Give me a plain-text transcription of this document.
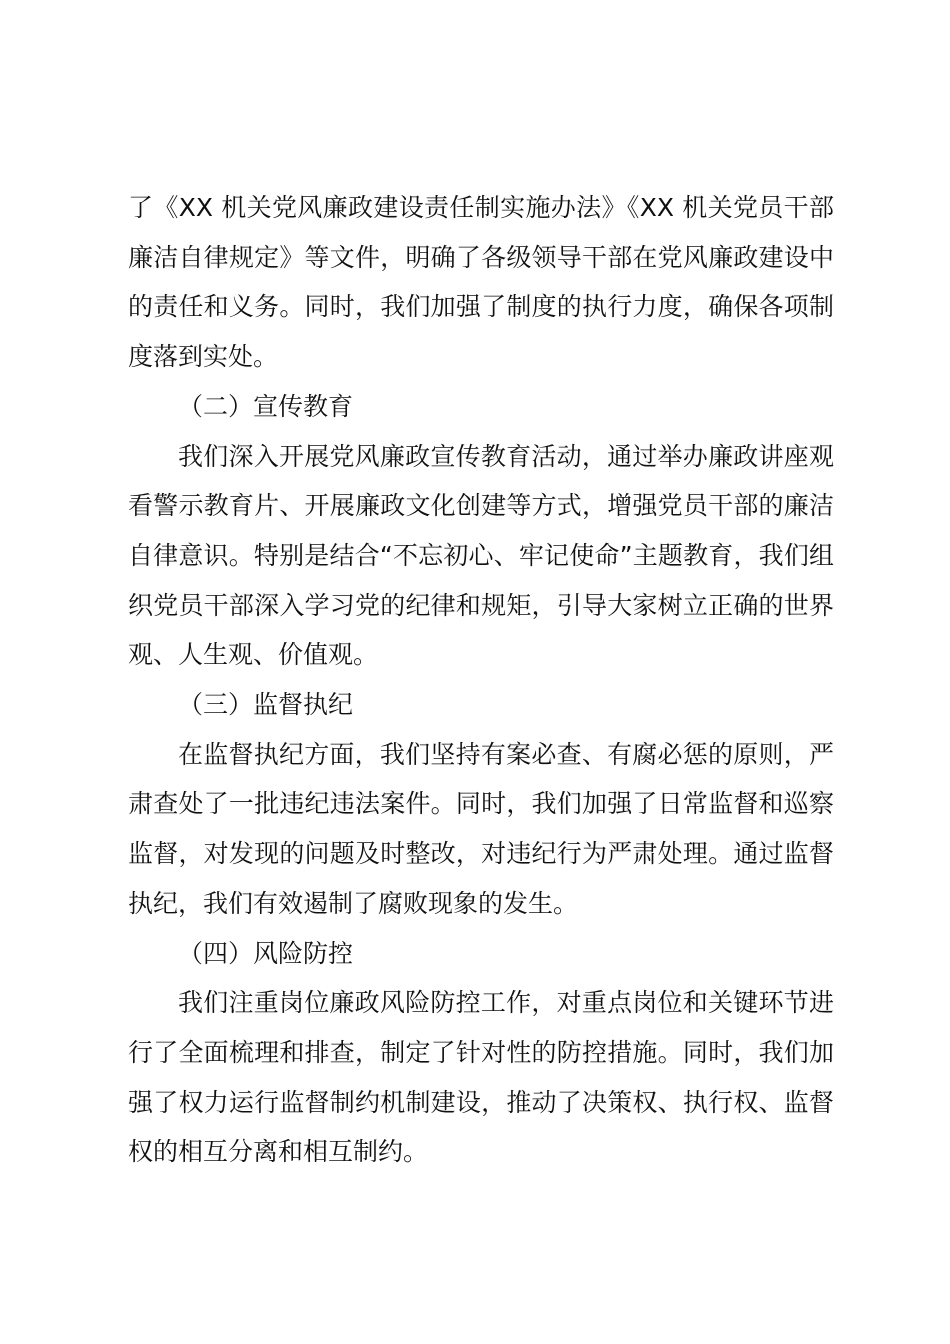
了《XX 机关党风廉政建设责任制实施办法》《XX 机关党员干部廉洁自律规定》等文件，明确了各级领导干部在党风廉政建设中的责任和义务。同时，我们加强了制度的执行力度，确保各项制度落到实处。

（二）宣传教育

我们深入开展党风廉政宣传教育活动，通过举办廉政讲座观看警示教育片、开展廉政文化创建等方式，增强党员干部的廉洁自律意识。特别是结合“不忘初心、牢记使命”主题教育，我们组织党员干部深入学习党的纪律和规矩，引导大家树立正确的世界观、人生观、价值观。

（三）监督执纪

在监督执纪方面，我们坚持有案必查、有腐必惩的原则，严肃查处了一批违纪违法案件。同时，我们加强了日常监督和巡察监督，对发现的问题及时整改，对违纪行为严肃处理。通过监督执纪，我们有效遏制了腐败现象的发生。

（四）风险防控

我们注重岗位廉政风险防控工作，对重点岗位和关键环节进行了全面梳理和排查，制定了针对性的防控措施。同时，我们加强了权力运行监督制约机制建设，推动了决策权、执行权、监督权的相互分离和相互制约。
